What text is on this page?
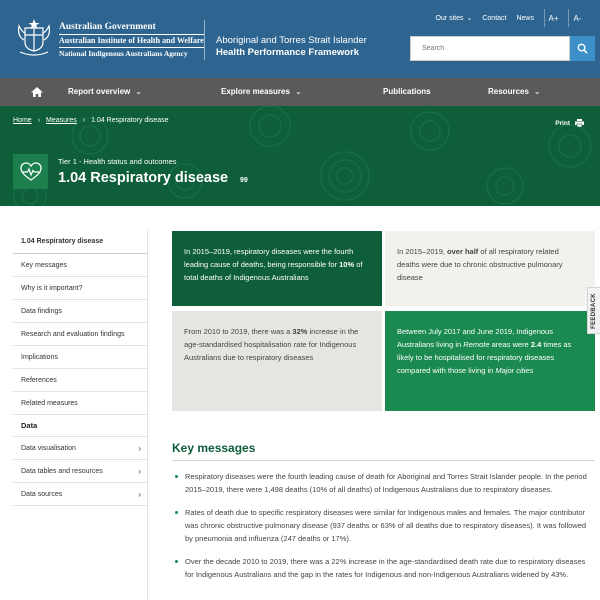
Australian Government
Australian Institute of Health and Welfare
National Indigenous Australians Agency
Aboriginal and Torres Strait Islander
Health Performance Framework
Our sites ⌄ Contact News	A+	A-
Search
Report overview ⌄	Explore measures ⌄	Publications	Resources ⌄
Home › Measures › 1.04 Respiratory disease	Print
Tier 1 - Health status and outcomes
1.04 Respiratory disease 99
1.04 Respiratory disease
Key messages
Why is it important?
Data findings
Research and evaluation findings
Implications
References
Related measures
Data
Data visualisation	›
Data tables and resources	›
Data sources	›
In 2015–2019, respiratory diseases were the fourth leading cause of deaths, being responsible for 10% of total deaths of Indigenous Australians
In 2015–2019, over half of all respiratory related deaths were due to chronic obstructive pulmonary disease
From 2010 to 2019, there was a 32% increase in the age-standardised hospitalisation rate for Indigenous Australians due to respiratory diseases
Between July 2017 and June 2019, Indigenous Australians living in Remote areas were 2.4 times as likely to be hospitalised for respiratory diseases compared with those living in Major cities
FEEDBACK
Key messages
Respiratory diseases were the fourth leading cause of death for Aboriginal and Torres Strait Islander people. In the period 2015–2019, there were 1,498 deaths (10% of all deaths) of Indigenous Australians due to respiratory diseases.
Rates of death due to specific respiratory diseases were similar for Indigenous males and females. The major contributor was chronic obstructive pulmonary disease (937 deaths or 63% of all deaths due to respiratory diseases). It was followed by pneumonia and influenza (247 deaths or 17%).
Over the decade 2010 to 2019, there was a 22% increase in the age-standardised death rate due to respiratory diseases for Indigenous Australians and the gap in the rates for Indigenous and non-Indigenous Australians widened by 43%.
